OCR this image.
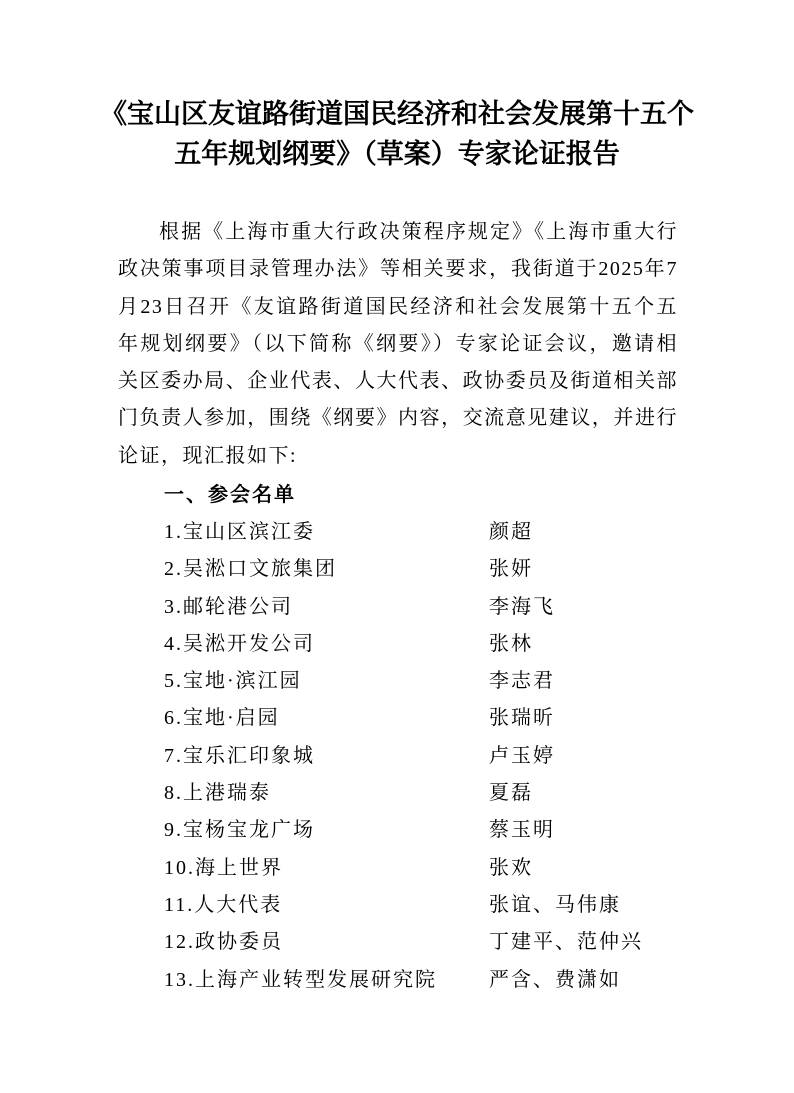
《宝山区友谊路街道国民经济和社会发展第十五个
五年规划纲要》（草案）专家论证报告
根据《上海市重大行政决策程序规定》《上海市重大行政决策事项目录管理办法》等相关要求，我街道于2025年7月23日召开《友谊路街道国民经济和社会发展第十五个五年规划纲要》（以下简称《纲要》）专家论证会议，邀请相关区委办局、企业代表、人大代表、政协委员及街道相关部门负责人参加，围绕《纲要》内容，交流意见建议，并进行论证，现汇报如下:
一、参会名单
1.宝山区滨江委	颜超
2.吴淞口文旅集团	张妍
3.邮轮港公司	李海飞
4.吴淞开发公司	张林
5.宝地·滨江园	李志君
6.宝地·启园	张瑞昕
7.宝乐汇印象城	卢玉婷
8.上港瑞泰	夏磊
9.宝杨宝龙广场	蔡玉明
10.海上世界	张欢
11.人大代表	张谊、马伟康
12.政协委员	丁建平、范仲兴
13.上海产业转型发展研究院	严含、费潇如
